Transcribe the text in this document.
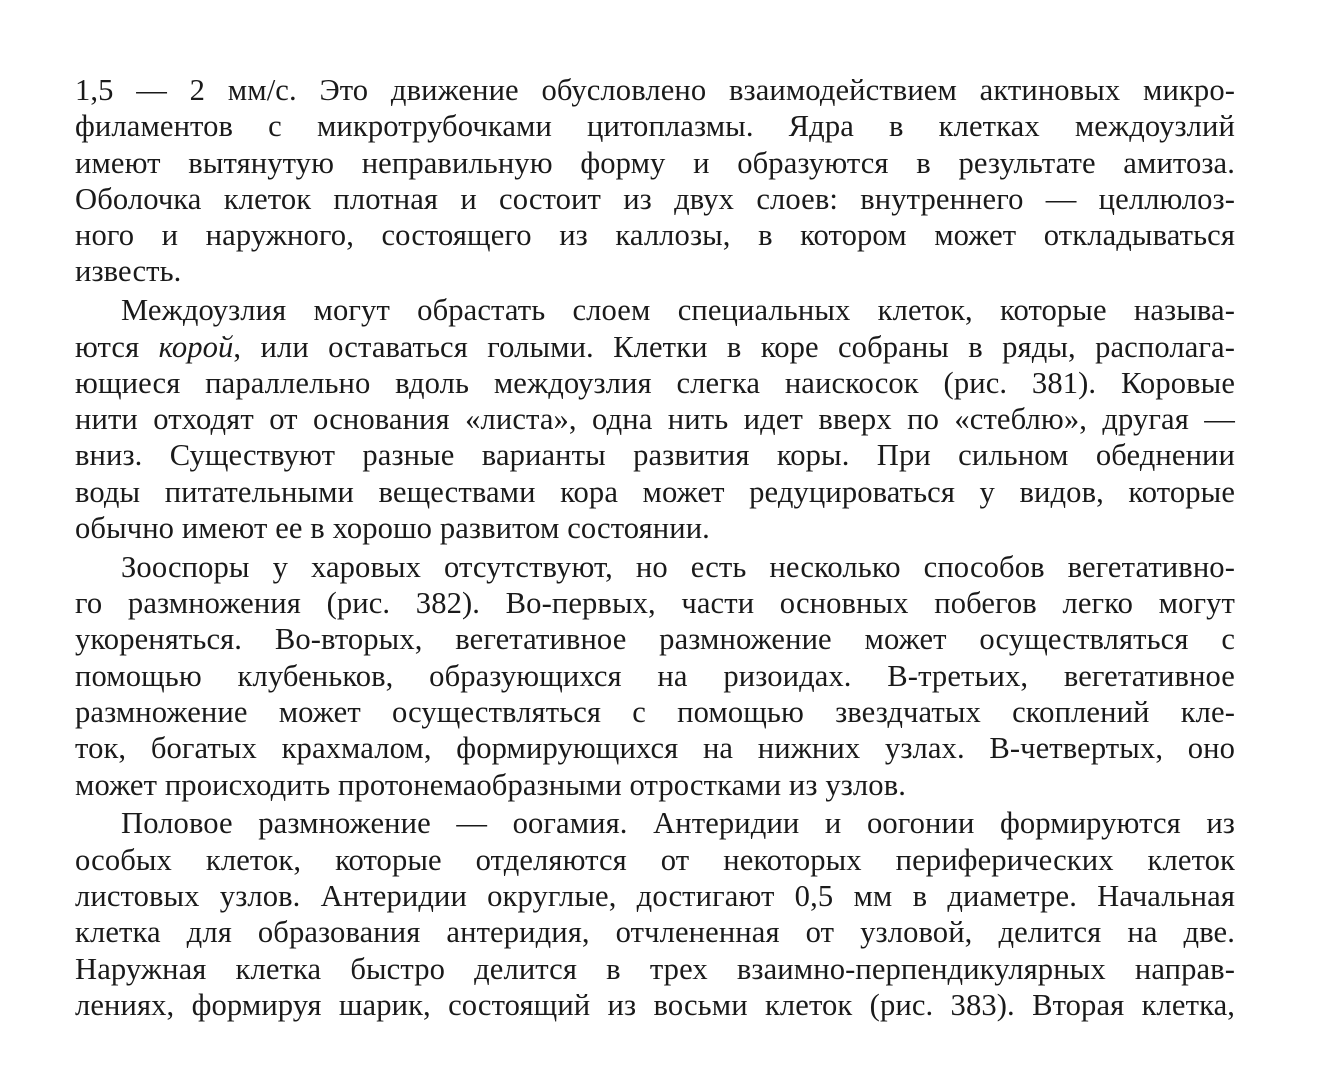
1,5 — 2 мм/с. Это движение обусловлено взаимодействием актиновых микро-
филаментов с микротрубочками цитоплазмы. Ядра в клетках междоузлий
имеют вытянутую неправильную форму и образуются в результате амитоза.
Оболочка клеток плотная и состоит из двух слоев: внутреннего — целлюлоз-
ного и наружного, состоящего из каллозы, в котором может откладываться
известь.
Междоузлия могут обрастать слоем специальных клеток, которые называ-
ются корой, или оставаться голыми. Клетки в коре собраны в ряды, располага-
ющиеся параллельно вдоль междоузлия слегка наискосок (рис. 381). Коровые
нити отходят от основания «листа», одна нить идет вверх по «стеблю», другая —
вниз. Существуют разные варианты развития коры. При сильном обеднении
воды питательными веществами кора может редуцироваться у видов, которые
обычно имеют ее в хорошо развитом состоянии.
Зооспоры у харовых отсутствуют, но есть несколько способов вегетативно-
го размножения (рис. 382). Во-первых, части основных побегов легко могут
укореняться. Во-вторых, вегетативное размножение может осуществляться с
помощью клубеньков, образующихся на ризоидах. В-третьих, вегетативное
размножение может осуществляться с помощью звездчатых скоплений кле-
ток, богатых крахмалом, формирующихся на нижних узлах. В-четвертых, оно
может происходить протонемаобразными отростками из узлов.
Половое размножение — оогамия. Антеридии и оогонии формируются из
особых клеток, которые отделяются от некоторых периферических клеток
листовых узлов. Антеридии округлые, достигают 0,5 мм в диаметре. Начальная
клетка для образования антеридия, отчлененная от узловой, делится на две.
Наружная клетка быстро делится в трех взаимно-перпендикулярных направ-
лениях, формируя шарик, состоящий из восьми клеток (рис. 383). Вторая клетка,
